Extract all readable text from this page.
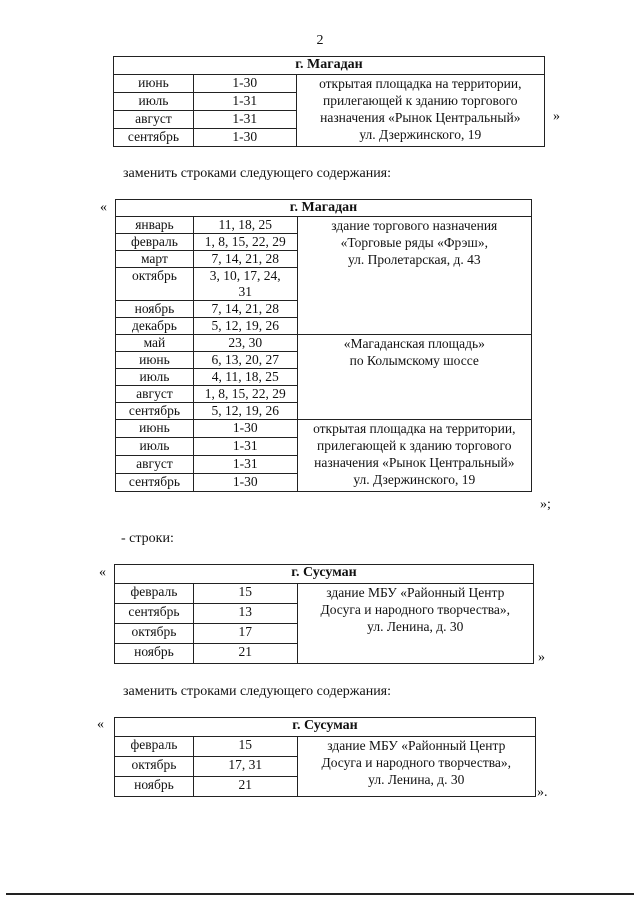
2
г. Магадан		
июнь	1-30	открытая площадка на территории,
прилегающей к зданию торгового
назначения «Рынок Центральный»
ул. Дзержинского, 19

июль	1-31	
август	1-31	
сентябрь	1-30	
»
заменить строками следующего содержания:
«	г. Магадан		
январь	11, 18, 25	здание торгового назначения
«Торговые ряды «Фрэш»,
ул. Пролетарская, д. 43

февраль	1, 8, 15, 22, 29	
март	7, 14, 21, 28	
октябрь	3, 10, 17, 24,
31	

ноябрь	7, 14, 21, 28	
декабрь	5, 12, 19, 26	
май	23, 30	«Магаданская площадь»
по Колымскому шоссе

июнь	6, 13, 20, 27	
июль	4, 11, 18, 25	
август	1, 8, 15, 22, 29	
сентябрь	5, 12, 19, 26	
июнь	1-30	открытая площадка на территории,
прилегающей к зданию торгового
назначения «Рынок Центральный»
ул. Дзержинского, 19

июль	1-31	
август	1-31	
сентябрь	1-30	
»;
- строки:
«	г. Сусуман		
февраль	15	здание МБУ «Районный Центр
Досуга и народного творчества»,
ул. Ленина, д. 30

сентябрь	13	
октябрь	17	
ноябрь	21		»
заменить строками следующего содержания:
«	г. Сусуман		
февраль	15	здание МБУ «Районный Центр
Досуга и народного творчества»,
ул. Ленина, д. 30

октябрь	17, 31	
ноябрь	21	
».
